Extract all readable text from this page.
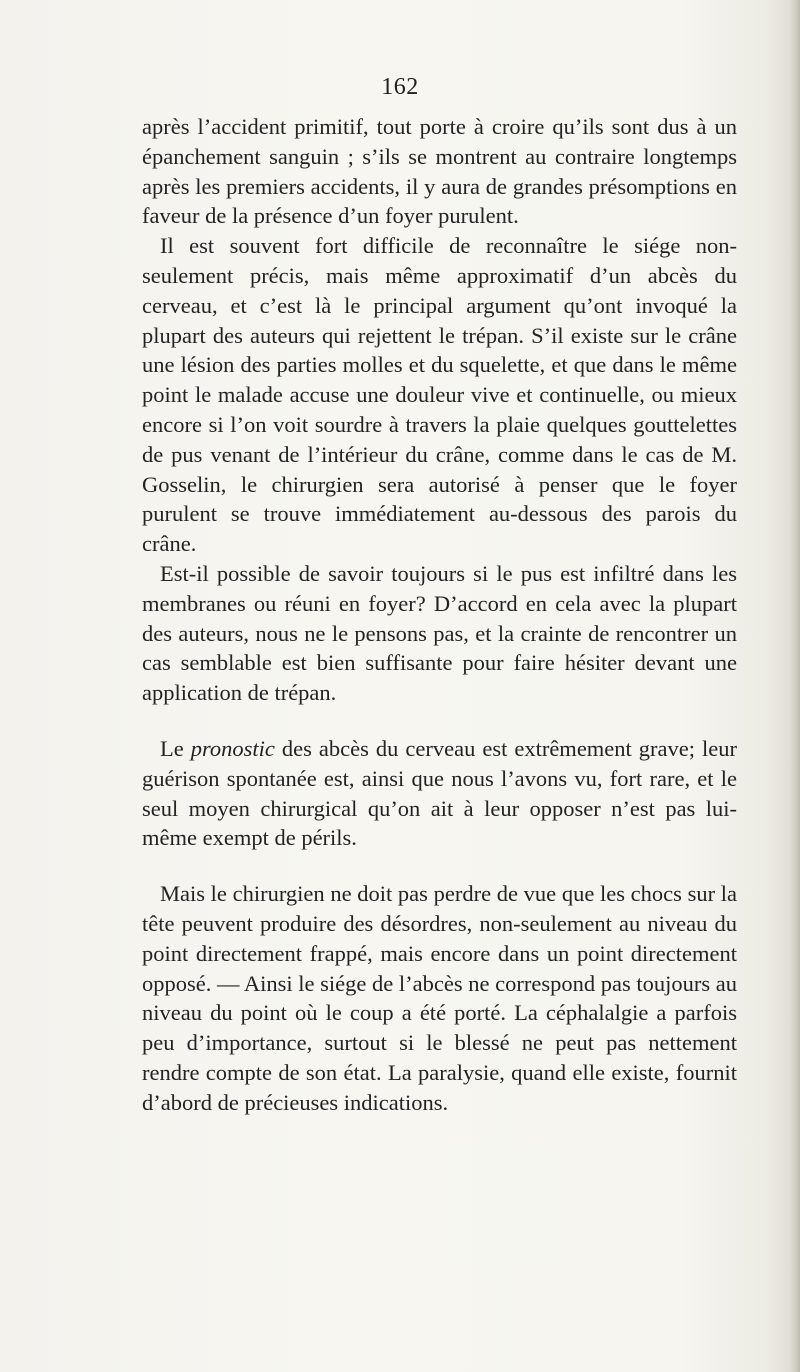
162

après l’accident primitif, tout porte à croire qu’ils sont dus à un épanchement sanguin ; s’ils se montrent au contraire longtemps après les premiers accidents, il y aura de grandes présomptions en faveur de la présence d’un foyer purulent.

Il est souvent fort difficile de reconnaître le siége non-seulement précis, mais même approximatif d’un abcès du cerveau, et c’est là le principal argument qu’ont invoqué la plupart des auteurs qui rejettent le trépan. S’il existe sur le crâne une lésion des parties molles et du squelette, et que dans le même point le malade accuse une douleur vive et continuelle, ou mieux encore si l’on voit sourdre à travers la plaie quelques gouttelettes de pus venant de l’intérieur du crâne, comme dans le cas de M. Gosselin, le chirurgien sera autorisé à penser que le foyer purulent se trouve immédiatement au-dessous des parois du crâne.

Est-il possible de savoir toujours si le pus est infiltré dans les membranes ou réuni en foyer? D’accord en cela avec la plupart des auteurs, nous ne le pensons pas, et la crainte de rencontrer un cas semblable est bien suffisante pour faire hésiter devant une application de trépan.

Le pronostic des abcès du cerveau est extrêmement grave; leur guérison spontanée est, ainsi que nous l’avons vu, fort rare, et le seul moyen chirurgical qu’on ait à leur opposer n’est pas lui-même exempt de périls.

Mais le chirurgien ne doit pas perdre de vue que les chocs sur la tête peuvent produire des désordres, non-seulement au niveau du point directement frappé, mais encore dans un point directement opposé. — Ainsi le siége de l’abcès ne correspond pas toujours au niveau du point où le coup a été porté. La céphalalgie a parfois peu d’importance, surtout si le blessé ne peut pas nettement rendre compte de son état. La paralysie, quand elle existe, fournit d’abord de précieuses indications.
